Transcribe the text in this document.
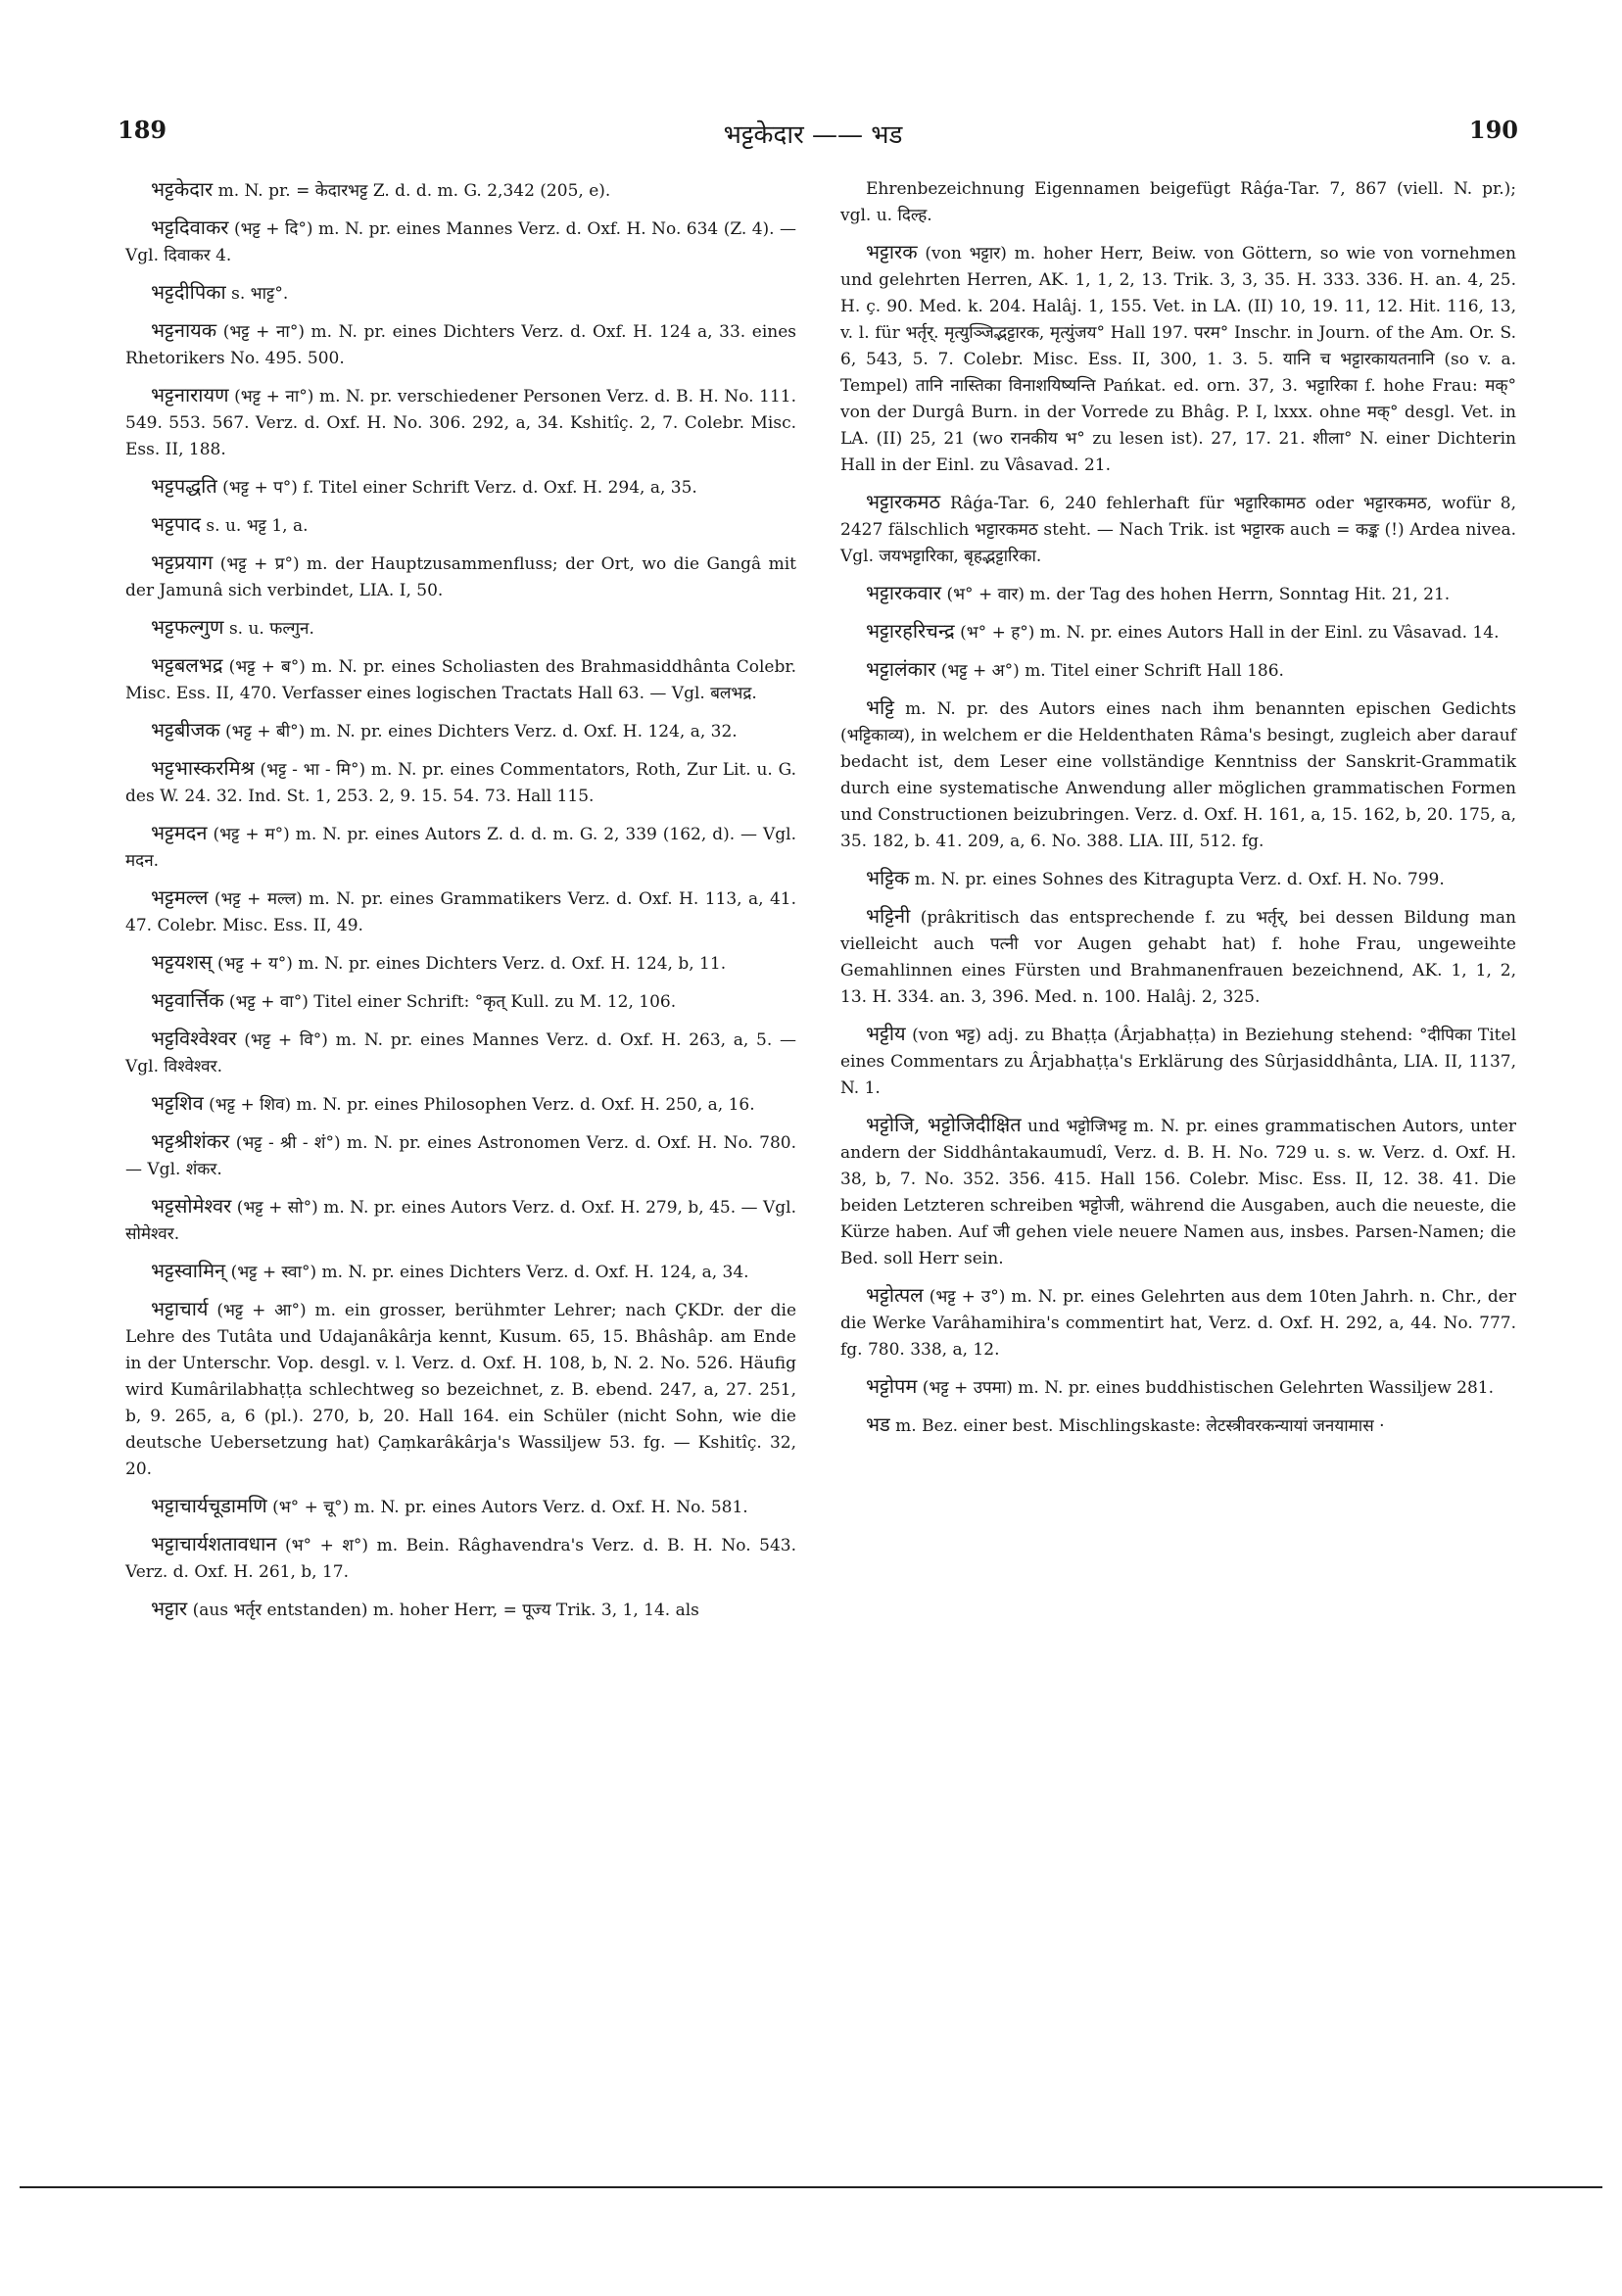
189	भट्टकेदार —— भड	190

भट्टकेदार m. N. pr. = केदारभट्ट Z. d. d. m. G. 2,342 (205, e).

भट्टदिवाकर (भट्ट + दि°) m. N. pr. eines Mannes Verz. d. Oxf. H. No. 634 (Z. 4). — Vgl. दिवाकर 4.

भट्टदीपिका s. भाट्ट°.

भट्टनायक (भट्ट + ना°) m. N. pr. eines Dichters Verz. d. Oxf. H. 124 a, 33. eines Rhetorikers No. 495. 500.

भट्टनारायण (भट्ट + ना°) m. N. pr. verschiedener Personen Verz. d. B. H. No. 111. 549. 553. 567. Verz. d. Oxf. H. No. 306. 292, a, 34. Kshitîç. 2, 7. Colebr. Misc. Ess. II, 188.

भट्टपद्धति (भट्ट + प°) f. Titel einer Schrift Verz. d. Oxf. H. 294, a, 35.

भट्टपाद s. u. भट्ट 1, a.

भट्टप्रयाग (भट्ट + प्र°) m. der Hauptzusammenfluss; der Ort, wo die Gangâ mit der Jamunâ sich verbindet, LIA. I, 50.

भट्टफल्गुण s. u. फल्गुन.

भट्टबलभद्र (भट्ट + ब°) m. N. pr. eines Scholiasten des Brahmasiddhânta Colebr. Misc. Ess. II, 470. Verfasser eines logischen Tractats Hall 63. — Vgl. बलभद्र.

भट्टबीजक (भट्ट + बी°) m. N. pr. eines Dichters Verz. d. Oxf. H. 124, a, 32.

भट्टभास्करमिश्र (भट्ट - भा - मि°) m. N. pr. eines Commentators, Roth, Zur Lit. u. G. des W. 24. 32. Ind. St. 1, 253. 2, 9. 15. 54. 73. Hall 115.

भट्टमदन (भट्ट + म°) m. N. pr. eines Autors Z. d. d. m. G. 2, 339 (162, d). — Vgl. मदन.

भट्टमल्ल (भट्ट + मल्ल) m. N. pr. eines Grammatikers Verz. d. Oxf. H. 113, a, 41. 47. Colebr. Misc. Ess. II, 49.

भट्टयशस् (भट्ट + य°) m. N. pr. eines Dichters Verz. d. Oxf. H. 124, b, 11.

भट्टवार्त्तिक (भट्ट + वा°) Titel einer Schrift: °कृत् Kull. zu M. 12, 106.

भट्टविश्वेश्वर (भट्ट + वि°) m. N. pr. eines Mannes Verz. d. Oxf. H. 263, a, 5. — Vgl. विश्वेश्वर.

भट्टशिव (भट्ट + शिव) m. N. pr. eines Philosophen Verz. d. Oxf. H. 250, a, 16.

भट्टश्रीशंकर (भट्ट - श्री - शं°) m. N. pr. eines Astronomen Verz. d. Oxf. H. No. 780. — Vgl. शंकर.

भट्टसोमेश्वर (भट्ट + सो°) m. N. pr. eines Autors Verz. d. Oxf. H. 279, b, 45. — Vgl. सोमेश्वर.

भट्टस्वामिन् (भट्ट + स्वा°) m. N. pr. eines Dichters Verz. d. Oxf. H. 124, a, 34.

भट्टाचार्य (भट्ट + आ°) m. ein grosser, berühmter Lehrer; nach ÇKDr. der die Lehre des Tutâta und Udajanâkârja kennt, Kusum. 65, 15. Bhâshâp. am Ende in der Unterschr. Vop. desgl. v. l. Verz. d. Oxf. H. 108, b, N. 2. No. 526. Häufig wird Kumârilabhaṭṭa schlechtweg so bezeichnet, z. B. ebend. 247, a, 27. 251, b, 9. 265, a, 6 (pl.). 270, b, 20. Hall 164. ein Schüler (nicht Sohn, wie die deutsche Uebersetzung hat) Çaṃkarâkârja's Wassiljew 53. fg. — Kshitîç. 32, 20.

भट्टाचार्यचूडामणि (भ° + चू°) m. N. pr. eines Autors Verz. d. Oxf. H. No. 581.

भट्टाचार्यशतावधान (भ° + श°) m. Bein. Râghavendra's Verz. d. B. H. No. 543. Verz. d. Oxf. H. 261, b, 17.

भट्टार (aus भर्तृर entstanden) m. hoher Herr, = पूज्य Trik. 3, 1, 14. als

Ehrenbezeichnung Eigennamen beigefügt Râǵa-Tar. 7, 867 (viell. N. pr.); vgl. u. दिल्ह.

भट्टारक (von भट्टार) m. hoher Herr, Beiw. von Göttern, so wie von vornehmen und gelehrten Herren, AK. 1, 1, 2, 13. Trik. 3, 3, 35. H. 333. 336. H. an. 4, 25. H. ç. 90. Med. k. 204. Halâj. 1, 155. Vet. in LA. (II) 10, 19. 11, 12. Hit. 116, 13, v. l. für भर्तृर्. मृत्युञ्जिद्भट्टारक, मृत्युंजय° Hall 197. परम° Inschr. in Journ. of the Am. Or. S. 6, 543, 5. 7. Colebr. Misc. Ess. II, 300, 1. 3. 5. यानि च भट्टारकायतनानि (so v. a. Tempel) तानि नास्तिका विनाशयिष्यन्ति Pańkat. ed. orn. 37, 3. भट्टारिका f. hohe Frau: मक्° von der Durgâ Burn. in der Vorrede zu Bhâg. P. I, lxxx. ohne मक्° desgl. Vet. in LA. (II) 25, 21 (wo रानकीय भ° zu lesen ist). 27, 17. 21. शीला° N. einer Dichterin Hall in der Einl. zu Vâsavad. 21.

भट्टारकमठ Râǵa-Tar. 6, 240 fehlerhaft für भट्टारिकामठ oder भट्टारकमठ, wofür 8, 2427 fälschlich भट्टारकमठ steht. — Nach Trik. ist भट्टारक auch = कङ्क (!) Ardea nivea. Vgl. जयभट्टारिका, बृहद्भट्टारिका.

भट्टारकवार (भ° + वार) m. der Tag des hohen Herrn, Sonntag Hit. 21, 21.

भट्टारहरिचन्द्र (भ° + ह°) m. N. pr. eines Autors Hall in der Einl. zu Vâsavad. 14.

भट्टालंकार (भट्ट + अ°) m. Titel einer Schrift Hall 186.

भट्टि m. N. pr. des Autors eines nach ihm benannten epischen Gedichts (भट्टिकाव्य), in welchem er die Heldenthaten Râma's besingt, zugleich aber darauf bedacht ist, dem Leser eine vollständige Kenntniss der Sanskrit-Grammatik durch eine systematische Anwendung aller möglichen grammatischen Formen und Constructionen beizubringen. Verz. d. Oxf. H. 161, a, 15. 162, b, 20. 175, a, 35. 182, b. 41. 209, a, 6. No. 388. LIA. III, 512. fg.

भट्टिक m. N. pr. eines Sohnes des Kitragupta Verz. d. Oxf. H. No. 799.

भट्टिनी (prâkritisch das entsprechende f. zu भर्तृर्, bei dessen Bildung man vielleicht auch पत्नी vor Augen gehabt hat) f. hohe Frau, ungeweihte Gemahlinnen eines Fürsten und Brahmanenfrauen bezeichnend, AK. 1, 1, 2, 13. H. 334. an. 3, 396. Med. n. 100. Halâj. 2, 325.

भट्टीय (von भट्ट) adj. zu Bhaṭṭa (Ârjabhaṭṭa) in Beziehung stehend: °दीपिका Titel eines Commentars zu Ârjabhaṭṭa's Erklärung des Sûrjasiddhânta, LIA. II, 1137, N. 1.

भट्टोजि, भट्टोजिदीक्षित und भट्टोजिभट्ट m. N. pr. eines grammatischen Autors, unter andern der Siddhântakaumudî, Verz. d. B. H. No. 729 u. s. w. Verz. d. Oxf. H. 38, b, 7. No. 352. 356. 415. Hall 156. Colebr. Misc. Ess. II, 12. 38. 41. Die beiden Letzteren schreiben भट्टोजी, während die Ausgaben, auch die neueste, die Kürze haben. Auf जी gehen viele neuere Namen aus, insbes. Parsen-Namen; die Bed. soll Herr sein.

भट्टोत्पल (भट्ट + उ°) m. N. pr. eines Gelehrten aus dem 10ten Jahrh. n. Chr., der die Werke Varâhamihira's commentirt hat, Verz. d. Oxf. H. 292, a, 44. No. 777. fg. 780. 338, a, 12.

भट्टोपम (भट्ट + उपमा) m. N. pr. eines buddhistischen Gelehrten Wassiljew 281.

भड m. Bez. einer best. Mischlingskaste: लेटस्त्रीवरकन्यायां जनयामास ·
